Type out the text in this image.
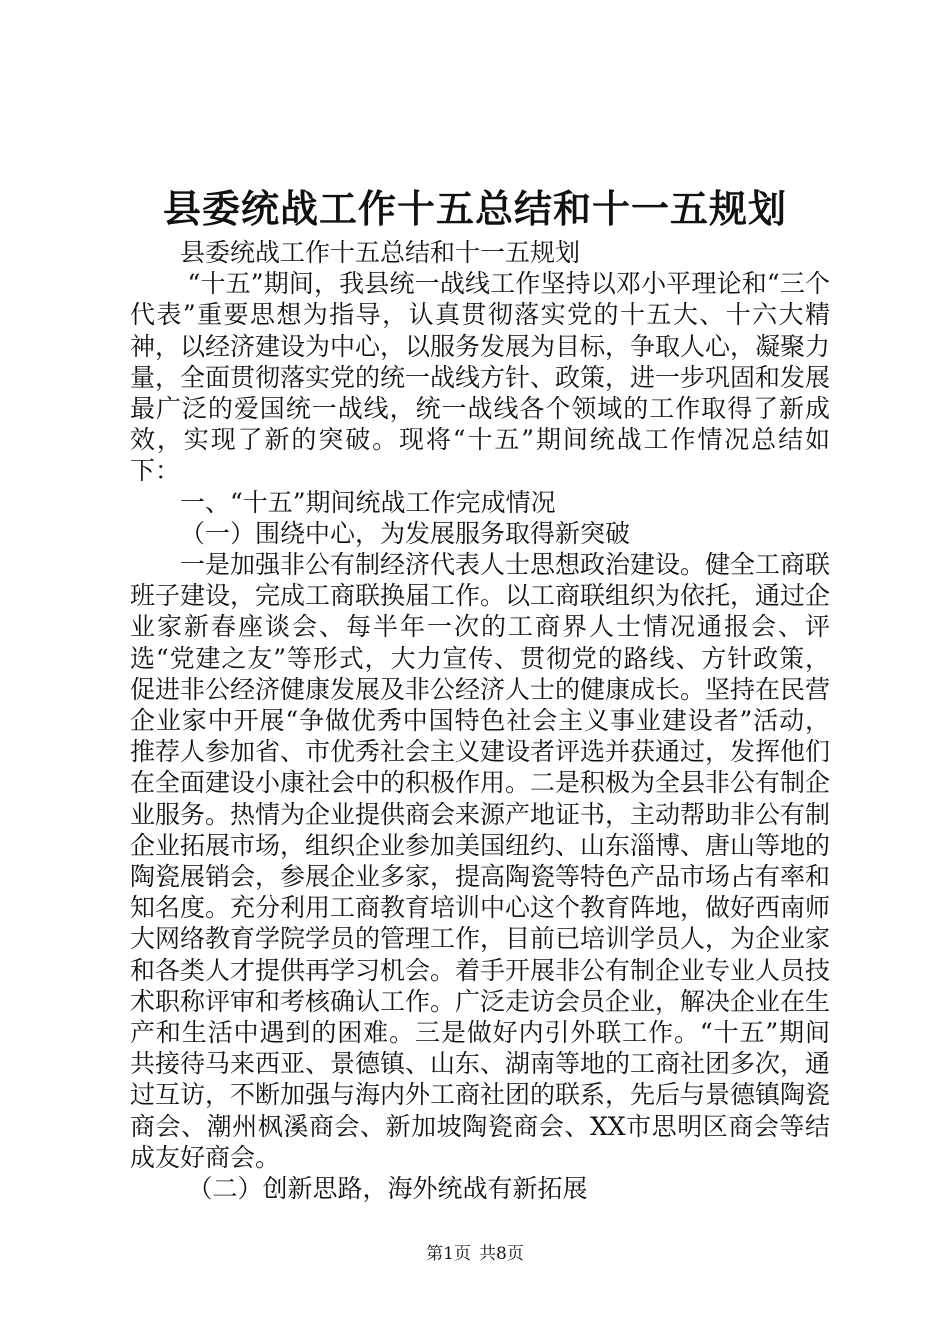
县委统战工作十五总结和十一五规划

县委统战工作十五总结和十一五规划

“十五”期间，我县统一战线工作坚持以邓小平理论和“三个代表”重要思想为指导，认真贯彻落实党的十五大、十六大精神，以经济建设为中心，以服务发展为目标，争取人心，凝聚力量，全面贯彻落实党的统一战线方针、政策，进一步巩固和发展最广泛的爱国统一战线，统一战线各个领域的工作取得了新成效，实现了新的突破。现将“十五”期间统战工作情况总结如下：

一、“十五”期间统战工作完成情况

（一）围绕中心，为发展服务取得新突破

一是加强非公有制经济代表人士思想政治建设。健全工商联班子建设，完成工商联换届工作。以工商联组织为依托，通过企业家新春座谈会、每半年一次的工商界人士情况通报会、评选“党建之友”等形式，大力宣传、贯彻党的路线、方针政策，促进非公经济健康发展及非公经济人士的健康成长。坚持在民营企业家中开展“争做优秀中国特色社会主义事业建设者”活动，推荐人参加省、市优秀社会主义建设者评选并获通过，发挥他们在全面建设小康社会中的积极作用。二是积极为全县非公有制企业服务。热情为企业提供商会来源产地证书，主动帮助非公有制企业拓展市场，组织企业参加美国纽约、山东淄博、唐山等地的陶瓷展销会，参展企业多家，提高陶瓷等特色产品市场占有率和知名度。充分利用工商教育培训中心这个教育阵地，做好西南师大网络教育学院学员的管理工作，目前已培训学员人，为企业家和各类人才提供再学习机会。着手开展非公有制企业专业人员技术职称评审和考核确认工作。广泛走访会员企业，解决企业在生产和生活中遇到的困难。三是做好内引外联工作。“十五”期间共接待马来西亚、景德镇、山东、湖南等地的工商社团多次，通过互访，不断加强与海内外工商社团的联系，先后与景德镇陶瓷商会、潮州枫溪商会、新加坡陶瓷商会、XX市思明区商会等结成友好商会。

（二）创新思路，海外统战有新拓展

第1页 共8页
